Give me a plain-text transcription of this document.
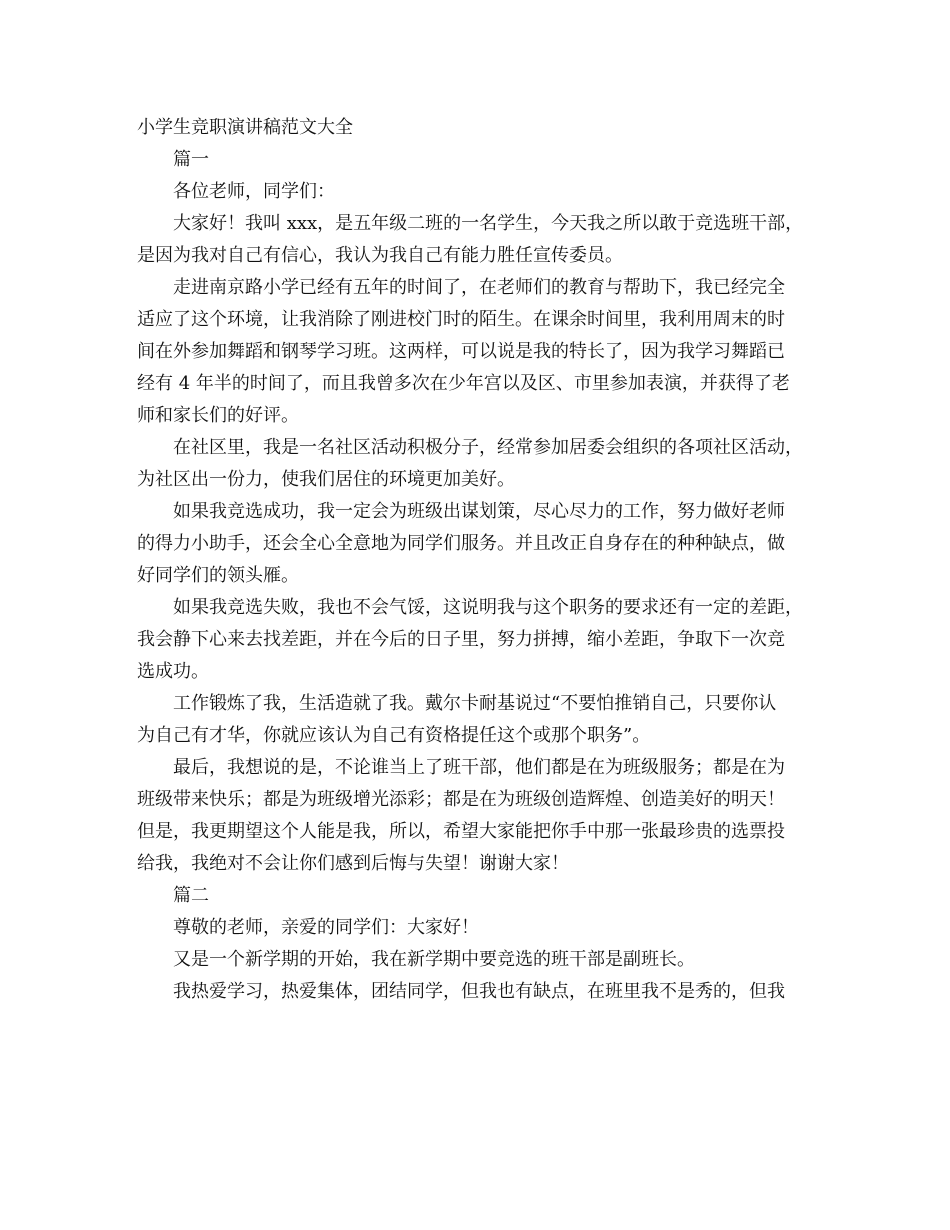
小学生竞职演讲稿范文大全
篇一
各位老师，同学们：
大家好！我叫 xxx，是五年级二班的一名学生，今天我之所以敢于竞选班干部，
是因为我对自己有信心，我认为我自己有能力胜任宣传委员。
走进南京路小学已经有五年的时间了，在老师们的教育与帮助下，我已经完全
适应了这个环境，让我消除了刚进校门时的陌生。在课余时间里，我利用周末的时
间在外参加舞蹈和钢琴学习班。这两样，可以说是我的特长了，因为我学习舞蹈已
经有 4 年半的时间了，而且我曾多次在少年宫以及区、市里参加表演，并获得了老
师和家长们的好评。
在社区里，我是一名社区活动积极分子，经常参加居委会组织的各项社区活动，
为社区出一份力，使我们居住的环境更加美好。
如果我竞选成功，我一定会为班级出谋划策，尽心尽力的工作，努力做好老师
的得力小助手，还会全心全意地为同学们服务。并且改正自身存在的种种缺点，做
好同学们的领头雁。
如果我竞选失败，我也不会气馁，这说明我与这个职务的要求还有一定的差距，
我会静下心来去找差距，并在今后的日子里，努力拼搏，缩小差距，争取下一次竞
选成功。
工作锻炼了我，生活造就了我。戴尔卡耐基说过“不要怕推销自己，只要你认
为自己有才华，你就应该认为自己有资格提任这个或那个职务”。
最后，我想说的是，不论谁当上了班干部，他们都是在为班级服务；都是在为
班级带来快乐；都是为班级增光添彩；都是在为班级创造辉煌、创造美好的明天！
但是，我更期望这个人能是我，所以，希望大家能把你手中那一张最珍贵的选票投
给我，我绝对不会让你们感到后悔与失望！谢谢大家！
篇二
尊敬的老师，亲爱的同学们：大家好！
又是一个新学期的开始，我在新学期中要竞选的班干部是副班长。
我热爱学习，热爱集体，团结同学，但我也有缺点，在班里我不是秀的，但我
